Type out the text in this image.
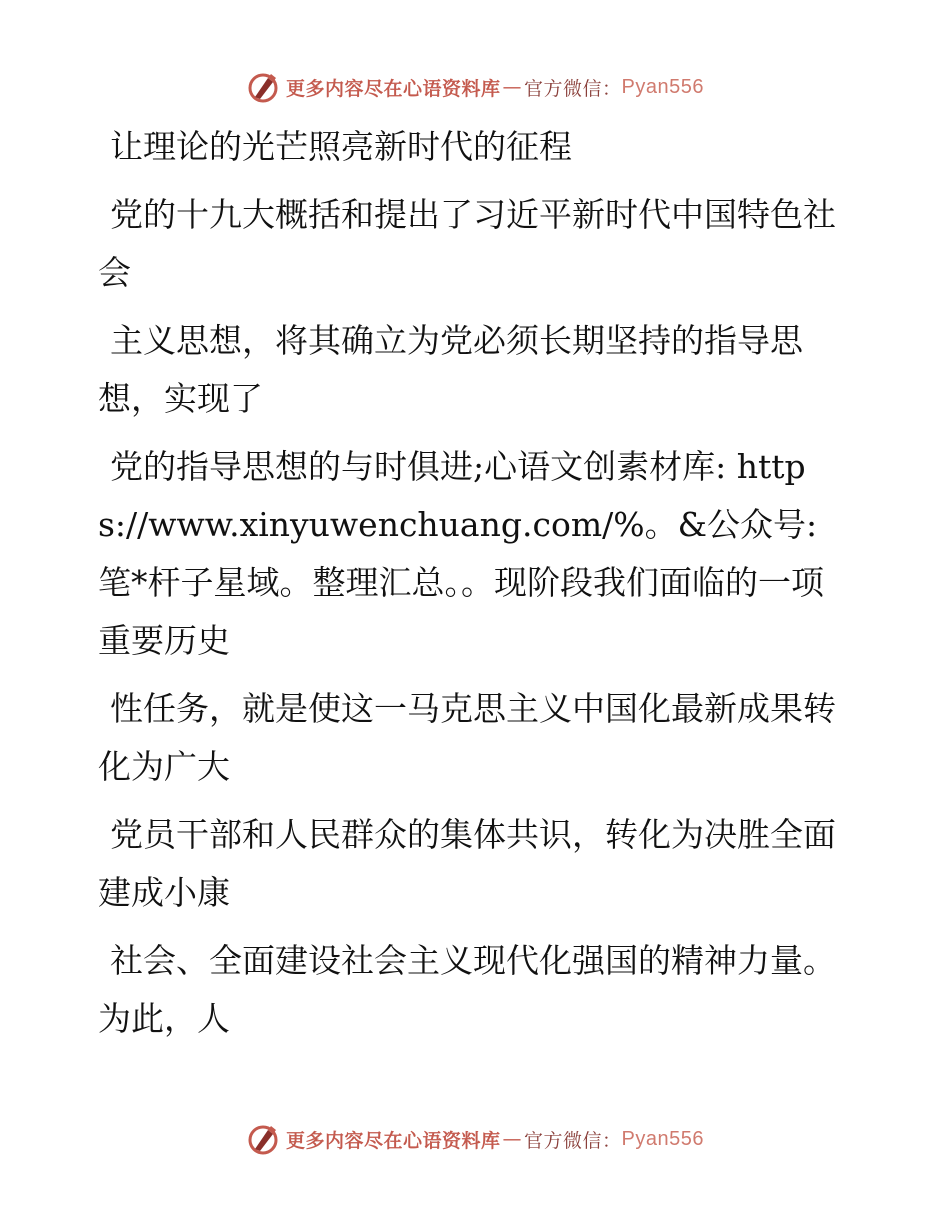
更多内容尽在心语资料库 — 官方微信： Pyan556

让理论的光芒照亮新时代的征程

党的十九大概括和提出了习近平新时代中国特色社会

主义思想，将其确立为党必须长期坚持的指导思想，实现了

党的指导思想的与时俱进;心语文创素材库: https://www.xinyuwenchuang.com/%。&公众号:笔*杆子星域。整理汇总。。现阶段我们面临的一项重要历史

性任务，就是使这一马克思主义中国化最新成果转化为广大

党员干部和人民群众的集体共识，转化为决胜全面建成小康

社会、全面建设社会主义现代化强国的精神力量。为此，人

更多内容尽在心语资料库 — 官方微信： Pyan556
